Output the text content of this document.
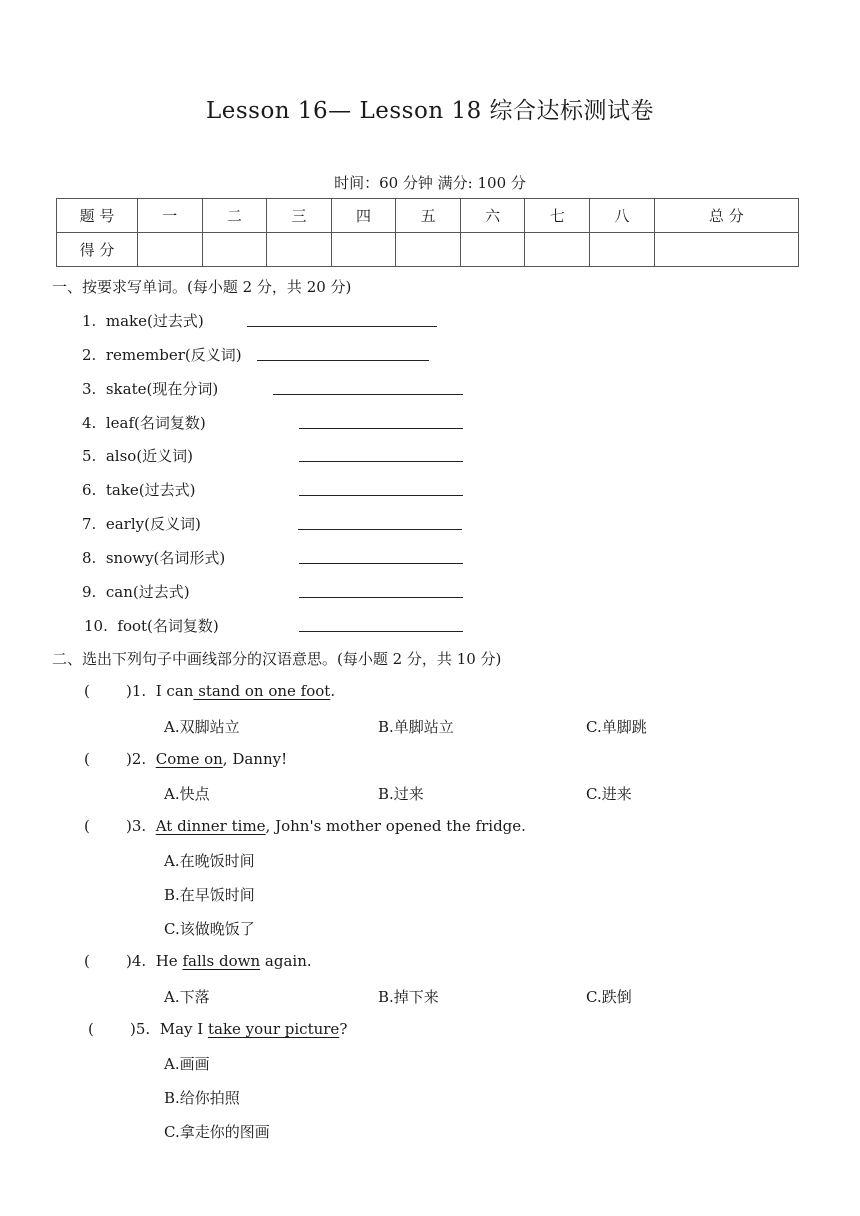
Lesson 16— Lesson 18 综合达标测试卷
时间：60 分钟 满分: 100 分
题 号	一	二	三	四	五	六	七	八	总 分
得 分									
一、按要求写单词。(每小题 2 分，共 20 分)
1. make(过去式)
2. remember(反义词)
3. skate(现在分词)
4. leaf(名词复数)
5. also(近义词)
6. take(过去式)
7. early(反义词)
8. snowy(名词形式)
9. can(过去式)
10. foot(名词复数)
二、选出下列句子中画线部分的汉语意思。(每小题 2 分，共 10 分)
( )1. I can stand on one foot.
A.双脚站立	B.单脚站立	C.单脚跳
( )2. Come on, Danny!
A.快点	B.过来	C.进来
( )3. At dinner time, John's mother opened the fridge.
A.在晚饭时间
B.在早饭时间
C.该做晚饭了
( )4. He falls down again.
A.下落	B.掉下来	C.跌倒
( )5. May I take your picture?
A.画画
B.给你拍照
C.拿走你的图画
